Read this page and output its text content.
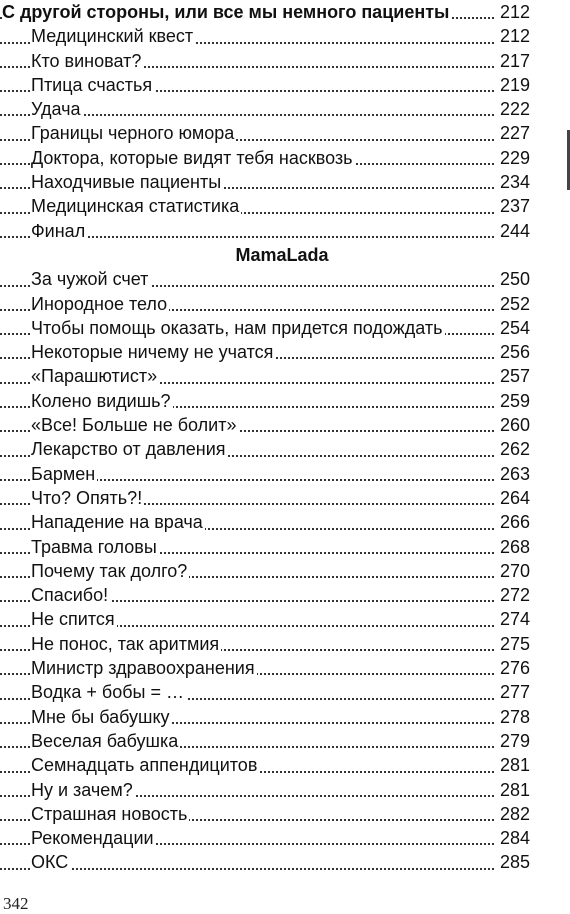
С другой стороны, или все мы немного пациенты	212
Медицинский квест	212
Кто виноват?	217
Птица счастья	219
Удача	222
Границы черного юмора	227
Доктора, которые видят тебя насквозь	229
Находчивые пациенты	234
Медицинская статистика	237
Финал	244
MamaLada
За чужой счет	250
Инородное тело	252
Чтобы помощь оказать, нам придется подождать	254
Некоторые ничему не учатся	256
«Парашютист»	257
Колено видишь?	259
«Все! Больше не болит»	260
Лекарство от давления	262
Бармен	263
Что? Опять?!	264
Нападение на врача	266
Травма головы	268
Почему так долго?	270
Спасибо!	272
Не спится	274
Не понос, так аритмия	275
Министр здравоохранения	276
Водка + бобы = …	277
Мне бы бабушку	278
Веселая бабушка	279
Семнадцать аппендицитов	281
Ну и зачем?	281
Страшная новость	282
Рекомендации	284
ОКС	285
342
